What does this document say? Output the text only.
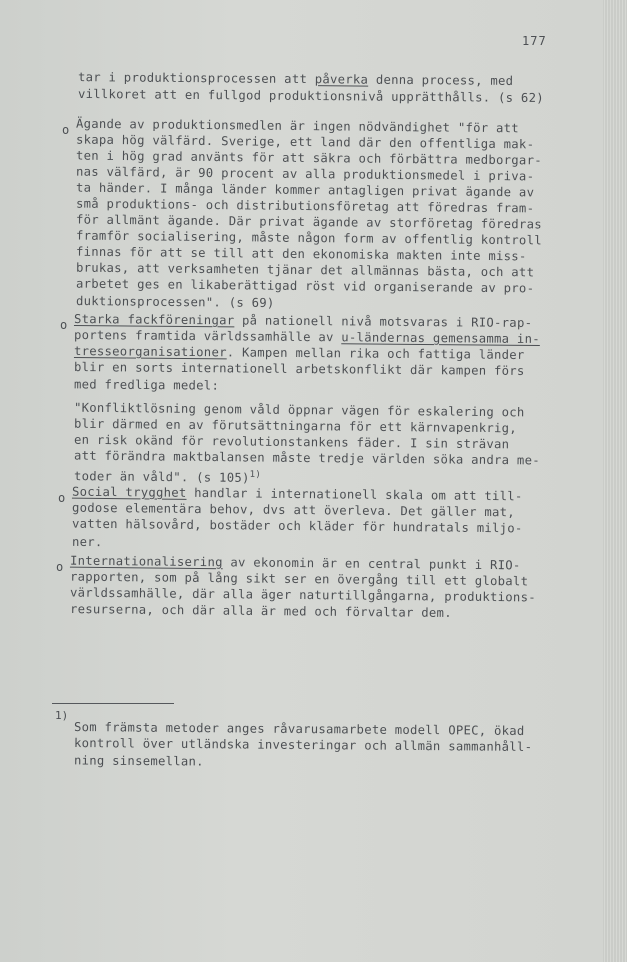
177
tar i produktionsprocessen att påverka denna process, med
villkoret att en fullgod produktionsnivå upprätthålls. (s 62)
o Ägande av produktionsmedlen är ingen nödvändighet "för att
skapa hög välfärd. Sverige, ett land där den offentliga mak-
ten i hög grad använts för att säkra och förbättra medborgar-
nas välfärd, är 90 procent av alla produktionsmedel i priva-
ta händer. I många länder kommer antagligen privat ägande av
små produktions- och distributionsföretag att föredras fram-
för allmänt ägande. Där privat ägande av storföretag föredras
framför socialisering, måste någon form av offentlig kontroll
finnas för att se till att den ekonomiska makten inte miss-
brukas, att verksamheten tjänar det allmännas bästa, och att
arbetet ges en likaberättigad röst vid organiserande av pro-
duktionsprocessen". (s 69)
o Starka fackföreningar på nationell nivå motsvaras i RIO-rap-
portens framtida världssamhälle av u-ländernas gemensamma in-
tresseorganisationer. Kampen mellan rika och fattiga länder
blir en sorts internationell arbetskonflikt där kampen förs
med fredliga medel:
"Konfliktlösning genom våld öppnar vägen för eskalering och
blir därmed en av förutsättningarna för ett kärnvapenkrig,
en risk okänd för revolutionstankens fäder. I sin strävan
att förändra maktbalansen måste tredje världen söka andra me-
toder än våld". (s 105)$^{1)}$
o Social trygghet handlar i internationell skala om att till-
godose elementära behov, dvs att överleva. Det gäller mat,
vatten hälsovård, bostäder och kläder för hundratals miljo-
ner.
o Internationalisering av ekonomin är en central punkt i RIO-
rapporten, som på lång sikt ser en övergång till ett globalt
världssamhälle, där alla äger naturtillgångarna, produktions-
resurserna, och där alla är med och förvaltar dem.
1)
Som främsta metoder anges råvarusamarbete modell OPEC, ökad
kontroll över utländska investeringar och allmän sammanhåll-
ning sinsemellan.
